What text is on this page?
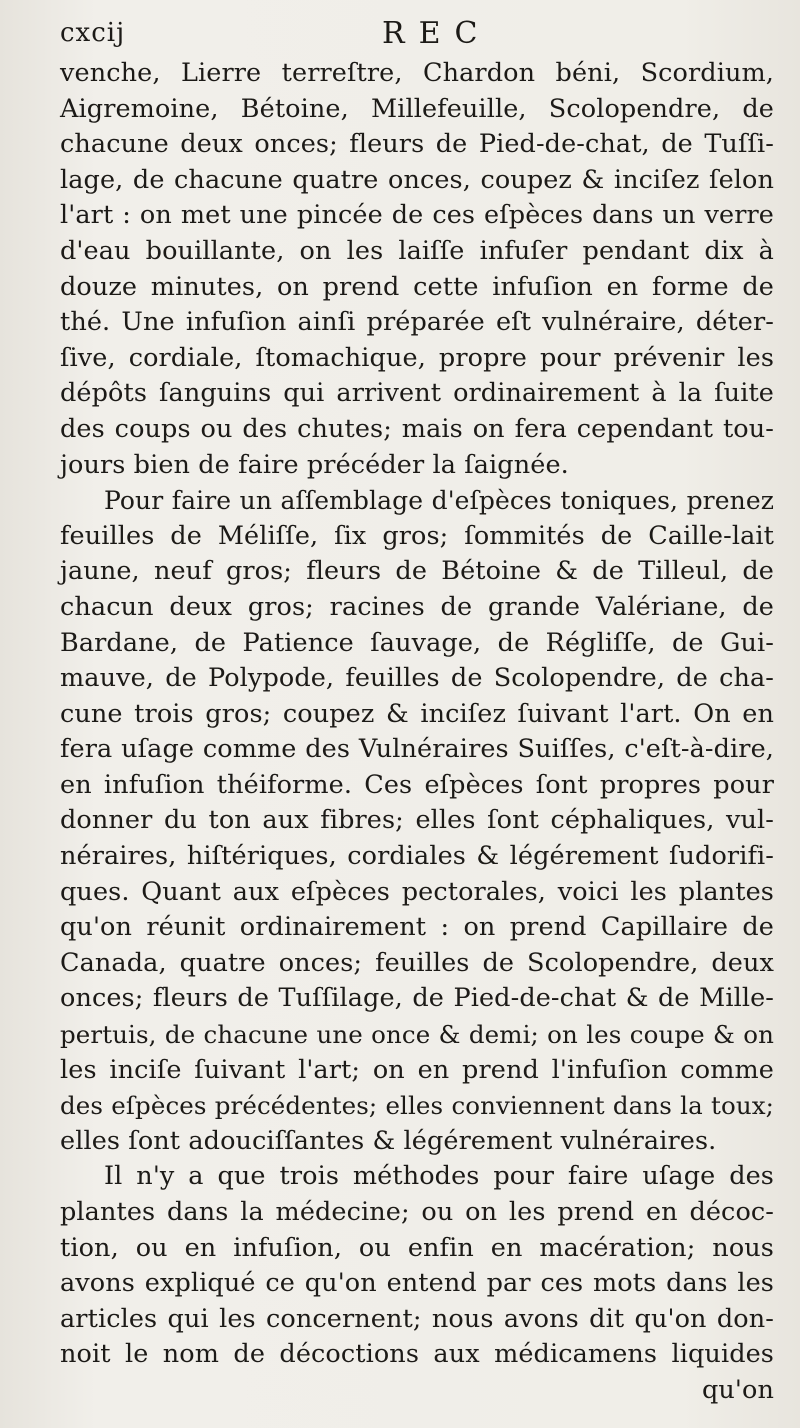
cxcij	REC
venche, Lierre terreſtre, Chardon béni, Scordium,
Aigremoine, Bétoine, Millefeuille, Scolopendre, de
chacune deux onces; fleurs de Pied-de-chat, de Tuſſi-
lage, de chacune quatre onces, coupez & inciſez ſelon
l'art : on met une pincée de ces eſpèces dans un verre
d'eau bouillante, on les laiſſe infuſer pendant dix à
douze minutes, on prend cette infuſion en forme de
thé. Une infuſion ainſi préparée eſt vulnéraire, déter-
ſive, cordiale, ſtomachique, propre pour prévenir les
dépôts ſanguins qui arrivent ordinairement à la ſuite
des coups ou des chutes; mais on fera cependant tou-
jours bien de faire précéder la ſaignée.
Pour faire un aſſemblage d'eſpèces toniques, prenez
feuilles de Méliſſe, ſix gros; ſommités de Caille-lait
jaune, neuf gros; fleurs de Bétoine & de Tilleul, de
chacun deux gros; racines de grande Valériane, de
Bardane, de Patience ſauvage, de Régliſſe, de Gui-
mauve, de Polypode, feuilles de Scolopendre, de cha-
cune trois gros; coupez & inciſez ſuivant l'art. On en
fera uſage comme des Vulnéraires Suiſſes, c'eſt-à-dire,
en infuſion théiforme. Ces eſpèces ſont propres pour
donner du ton aux fibres; elles ſont céphaliques, vul-
néraires, hiſtériques, cordiales & légérement ſudorifi-
ques. Quant aux eſpèces pectorales, voici les plantes
qu'on réunit ordinairement : on prend Capillaire de
Canada, quatre onces; feuilles de Scolopendre, deux
onces; fleurs de Tuſſilage, de Pied-de-chat & de Mille-
pertuis, de chacune une once & demi; on les coupe & on
les inciſe ſuivant l'art; on en prend l'infuſion comme
des eſpèces précédentes; elles conviennent dans la toux;
elles ſont adouciſſantes & légérement vulnéraires.
Il n'y a que trois méthodes pour faire uſage des
plantes dans la médecine; ou on les prend en décoc-
tion, ou en infuſion, ou enfin en macération; nous
avons expliqué ce qu'on entend par ces mots dans les
articles qui les concernent; nous avons dit qu'on don-
noit le nom de décoctions aux médicamens liquides
qu'on
